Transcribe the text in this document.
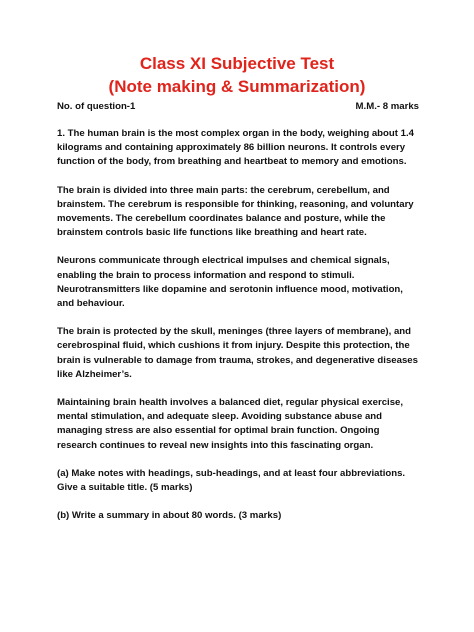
Class XI Subjective Test
(Note making & Summarization)
No. of question-1	M.M.- 8 marks

1. The human brain is the most complex organ in the body, weighing about 1.4 kilograms and containing approximately 86 billion neurons. It controls every function of the body, from breathing and heartbeat to memory and emotions.

The brain is divided into three main parts: the cerebrum, cerebellum, and brainstem. The cerebrum is responsible for thinking, reasoning, and voluntary movements. The cerebellum coordinates balance and posture, while the brainstem controls basic life functions like breathing and heart rate.

Neurons communicate through electrical impulses and chemical signals, enabling the brain to process information and respond to stimuli. Neurotransmitters like dopamine and serotonin influence mood, motivation, and behaviour.

The brain is protected by the skull, meninges (three layers of membrane), and cerebrospinal fluid, which cushions it from injury. Despite this protection, the brain is vulnerable to damage from trauma, strokes, and degenerative diseases like Alzheimer’s.

Maintaining brain health involves a balanced diet, regular physical exercise, mental stimulation, and adequate sleep. Avoiding substance abuse and managing stress are also essential for optimal brain function. Ongoing research continues to reveal new insights into this fascinating organ.

(a) Make notes with headings, sub-headings, and at least four abbreviations. Give a suitable title. (5 marks)

(b) Write a summary in about 80 words. (3 marks)
